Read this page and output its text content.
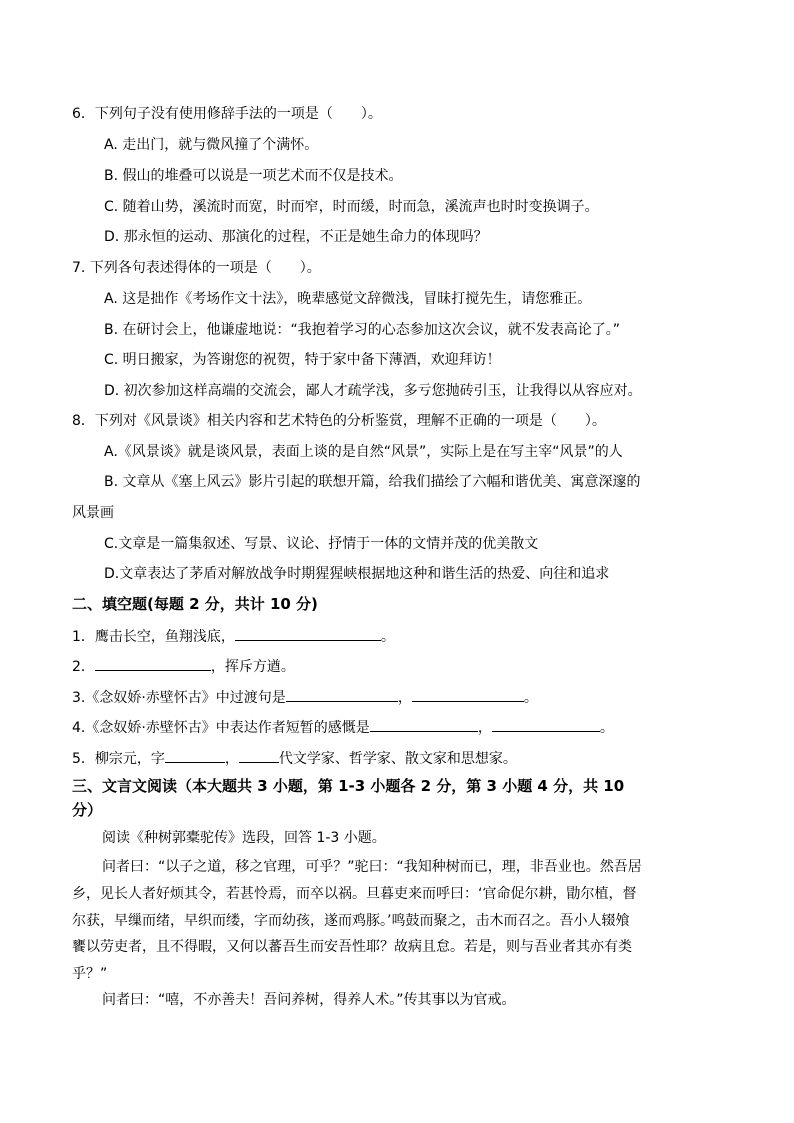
6．下列句子没有使用修辞手法的一项是（　　）。
A. 走出门，就与微风撞了个满怀。
B. 假山的堆叠可以说是一项艺术而不仅是技术。
C. 随着山势，溪流时而宽，时而窄，时而缓，时而急，溪流声也时时变换调子。
D. 那永恒的运动、那演化的过程，不正是她生命力的体现吗？
7. 下列各句表述得体的一项是（　　）。
A. 这是拙作《考场作文十法》，晚辈感觉文辞微浅，冒昧打搅先生，请您雅正。
B. 在研讨会上，他谦虚地说：“我抱着学习的心态参加这次会议，就不发表高论了。”
C. 明日搬家，为答谢您的祝贺，特于家中备下薄酒，欢迎拜访！
D. 初次参加这样高端的交流会，鄙人才疏学浅，多亏您抛砖引玉，让我得以从容应对。
8．下列对《风景谈》相关内容和艺术特色的分析鉴赏，理解不正确的一项是（　　）。
A.《风景谈》就是谈风景，表面上谈的是自然“风景”，实际上是在写主宰“风景”的人
B. 文章从《塞上风云》影片引起的联想开篇，给我们描绘了六幅和谐优美、寓意深邃的
风景画
C.文章是一篇集叙述、写景、议论、抒情于一体的文情并茂的优美散文
D.文章表达了茅盾对解放战争时期猩猩峡根据地这种和谐生活的热爱、向往和追求
二、填空题(每题 2 分，共计 10 分)
1．鹰击长空，鱼翔浅底，	。
2．	，挥斥方遒。
3.《念奴娇·赤壁怀古》中过渡句是	，	。
4.《念奴娇·赤壁怀古》中表达作者短暂的感慨是	，	。
5．柳宗元，字	，	代文学家、哲学家、散文家和思想家。
三、文言文阅读（本大题共 3 小题，第 1-3 小题各 2 分，第 3 小题 4 分，共 10
分）
阅读《种树郭橐驼传》选段，回答 1-3 小题。
问者曰：“以子之道，移之官理，可乎？”驼曰：“我知种树而已，理，非吾业也。然吾居
乡，见长人者好烦其令，若甚怜焉，而卒以祸。旦暮吏来而呼曰：‘官命促尔耕，勖尔植，督
尔获，早缫而绪，早织而缕，字而幼孩，遂而鸡豚。’鸣鼓而聚之，击木而召之。吾小人辍飧
饔以劳吏者，且不得暇，又何以蕃吾生而安吾性耶？故病且怠。若是，则与吾业者其亦有类
乎？”
问者曰：“嘻，不亦善夫！吾问养树，得养人术。”传其事以为官戒。
